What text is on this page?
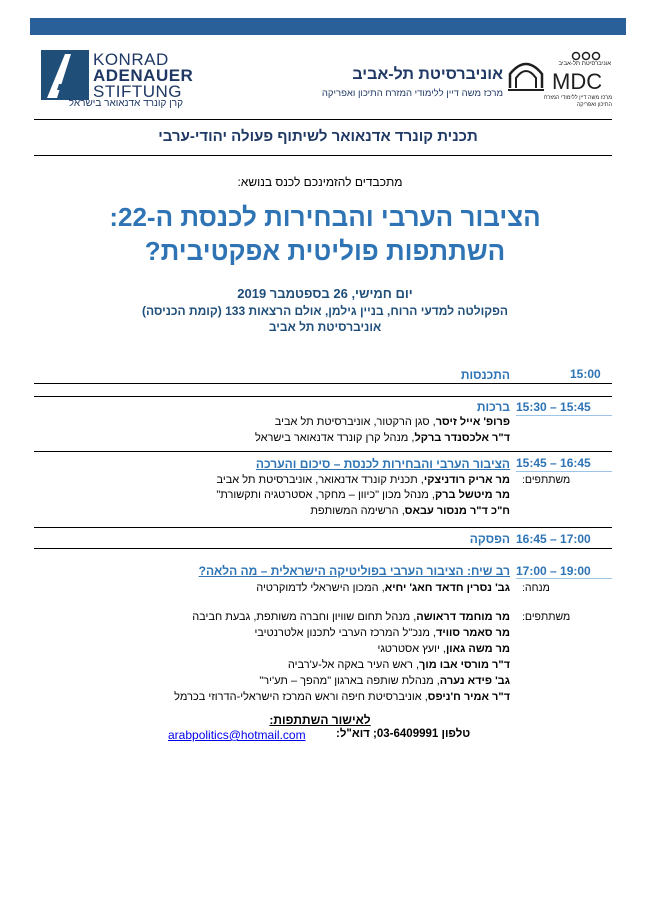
KONRAD
ADENAUER
STIFTUNG
קרן קונרד אדנאואר בישראל
אוניברסיטת תל-אביב
מרכז משה דיין ללימודי המזרח התיכון ואפריקה
אוניברסיטת תל-אביב
MDC
מרכז משה דיין ללימודי המזרח התיכון ואפריקה
תכנית קונרד אדנאואר לשיתוף פעולה יהודי-ערבי
מתכבדים להזמינכם לכנס בנושא:
הציבור הערבי והבחירות לכנסת ה-22:
השתתפות פוליטית אפקטיבית?
יום חמישי, 26 בספטמבר 2019
הפקולטה למדעי הרוח, בניין גילמן, אולם הרצאות 133 (קומת הכניסה)
אוניברסיטת תל אביב
15:00
התכנסות
15:30 – 15:45
ברכות
פרופ' אייל זיסר, סגן הרקטור, אוניברסיטת תל אביב
ד"ר אלכסנדר ברקל, מנהל קרן קונרד אדנאואר בישראל
15:45 – 16:45
הציבור הערבי והבחירות לכנסת – סיכום והערכה
משתתפים:
מר אריק רודניצקי, תכנית קונרד אדנאואר, אוניברסיטת תל אביב
מר מיטשל ברק, מנהל מכון "כיוון – מחקר, אסטרטגיה ותקשורת"
ח"כ ד"ר מנסור עבאס, הרשימה המשותפת
16:45 – 17:00
הפסקה
17:00 – 19:00
רב שיח: הציבור הערבי בפוליטיקה הישראלית – מה הלאה?
מנחה:
גב' נסרין חדאד חאג' יחיא, המכון הישראלי לדמוקרטיה
משתתפים:
מר מוחמד דראושה, מנהל תחום שוויון וחברה משותפת, גבעת חביבה
מר סאמר סוויד, מנכ"ל המרכז הערבי לתכנון אלטרנטיבי
מר משה גאון, יועץ אסטרטגי
ד"ר מורסי אבו מוך, ראש העיר באקה אל-ע'רביה
גב' פידא נערה, מנהלת שותפה בארגון "מהפך – תע'יר"
ד"ר אמיר ח'ניפס, אוניברסיטת חיפה וראש המרכז הישראלי-הדרוזי בכרמל
לאישור השתתפות:
טלפון 03-6409991; דוא"ל:
arabpolitics@hotmail.com
